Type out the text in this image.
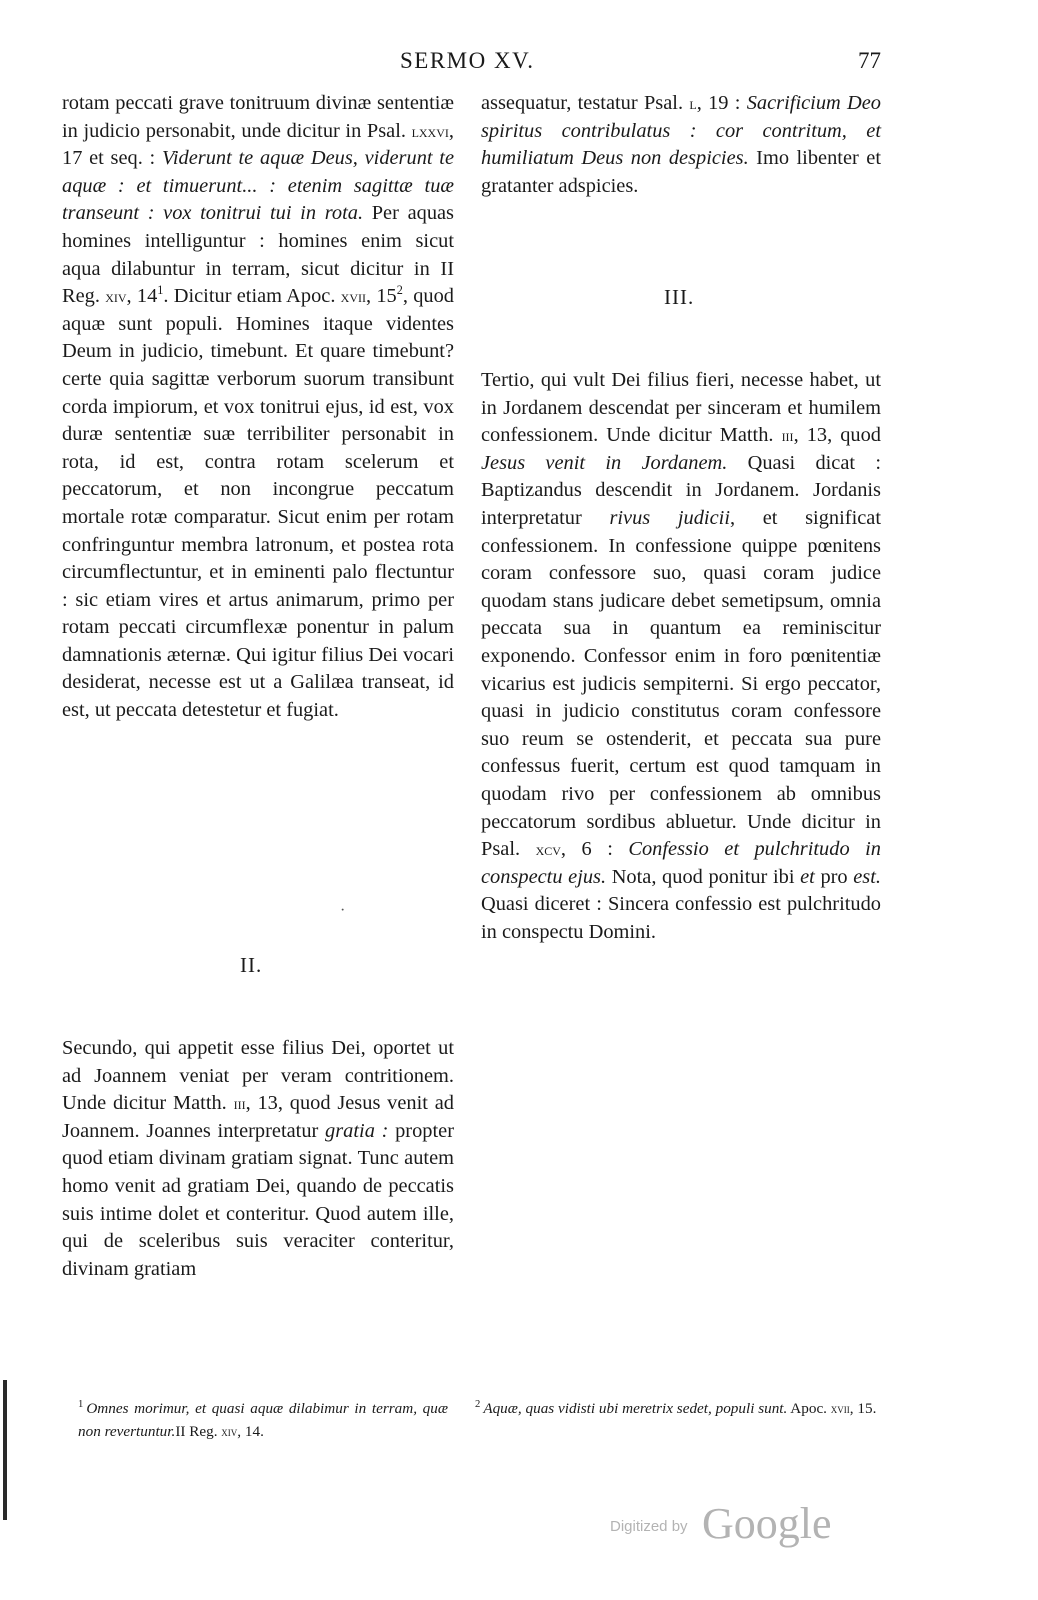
SERMO XV.	77

rotam peccati grave tonitruum divinæ sententiæ in judicio personabit, unde dicitur in Psal. lxxvi, 17 et seq. : Viderunt te aquæ Deus, viderunt te aquæ : et timuerunt... : etenim sagittæ tuæ transeunt : vox tonitrui tui in rota. Per aquas homines intelliguntur : homines enim sicut aqua dilabuntur in terram, sicut dicitur in II Reg. xiv, $14^1$. Dicitur etiam Apoc. xvii, $15^2$, quod aquæ sunt populi. Homines itaque videntes Deum in judicio, timebunt. Et quare timebunt? certe quia sagittæ verborum suorum transibunt corda impiorum, et vox tonitrui ejus, id est, vox duræ sententiæ suæ terribiliter personabit in rota, id est, contra rotam scelerum et peccatorum, et non incongrue peccatum mortale rotæ comparatur. Sicut enim per rotam confringuntur membra latronum, et postea rota circumflectuntur, et in eminenti palo flectuntur : sic etiam vires et artus animarum, primo per rotam peccati circumflexæ ponentur in palum damnationis æternæ. Qui igitur filius Dei vocari desiderat, necesse est ut a Galilæa transeat, id est, ut peccata detestetur et fugiat.

·
II.

Secundo, qui appetit esse filius Dei, oportet ut ad Joannem veniat per veram contritionem. Unde dicitur Matth. iii, 13, quod Jesus venit ad Joannem. Joannes interpretatur gratia : propter quod etiam divinam gratiam signat. Tunc autem homo venit ad gratiam Dei, quando de peccatis suis intime dolet et conteritur. Quod autem ille, qui de sceleribus suis veraciter conteritur, divinam gratiam

assequatur, testatur Psal. l, 19 : Sacrificium Deo spiritus contribulatus : cor contritum, et humiliatum Deus non despicies. Imo libenter et gratanter adspicies.

III.

Tertio, qui vult Dei filius fieri, necesse habet, ut in Jordanem descendat per sinceram et humilem confessionem. Unde dicitur Matth. iii, 13, quod Jesus venit in Jordanem. Quasi dicat : Baptizandus descendit in Jordanem. Jordanis interpretatur rivus judicii, et significat confessionem. In confessione quippe pœnitens coram confessore suo, quasi coram judice quodam stans judicare debet semetipsum, omnia peccata sua in quantum ea reminiscitur exponendo. Confessor enim in foro pœnitentiæ vicarius est judicis sempiterni. Si ergo peccator, quasi in judicio constitutus coram confessore suo reum se ostenderit, et peccata sua pure confessus fuerit, certum est quod tamquam in quodam rivo per confessionem ab omnibus peccatorum sordibus abluetur. Unde dicitur in Psal. xcv, 6 : Confessio et pulchritudo in conspectu ejus. Nota, quod ponitur ibi et pro est. Quasi diceret : Sincera confessio est pulchritudo in conspectu Domini.

$^1$ Omnes morimur, et quasi aquæ dilabimur in terram, quæ non revertuntur.II Reg. xiv, 14.
$^2$ Aquæ, quas vidisti ubi meretrix sedet, populi sunt. Apoc. xvii, 15.
Digitized by Google
